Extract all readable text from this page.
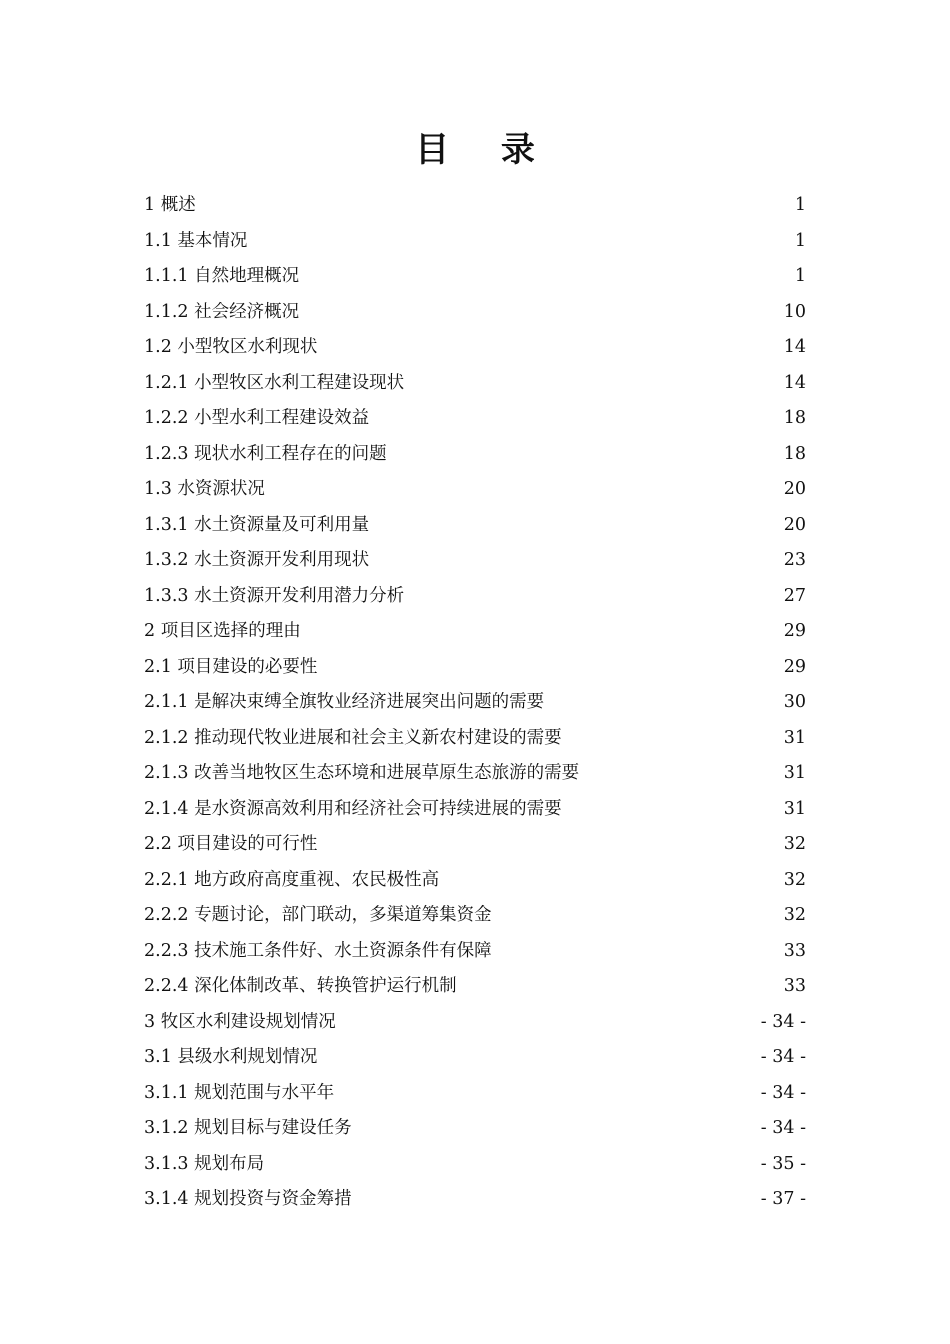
目 录
1 概述	1
1.1 基本情况	1
1.1.1 自然地理概况	1
1.1.2 社会经济概况	10
1.2 小型牧区水利现状	14
1.2.1 小型牧区水利工程建设现状	14
1.2.2 小型水利工程建设效益	18
1.2.3 现状水利工程存在的问题	18
1.3 水资源状况	20
1.3.1 水土资源量及可利用量	20
1.3.2 水土资源开发利用现状	23
1.3.3 水土资源开发利用潜力分析	27
2 项目区选择的理由	29
2.1 项目建设的必要性	29
2.1.1 是解决束缚全旗牧业经济进展突出问题的需要	30
2.1.2 推动现代牧业进展和社会主义新农村建设的需要	31
2.1.3 改善当地牧区生态环境和进展草原生态旅游的需要	31
2.1.4 是水资源高效利用和经济社会可持续进展的需要	31
2.2 项目建设的可行性	32
2.2.1 地方政府高度重视、农民极性高	32
2.2.2 专题讨论，部门联动，多渠道筹集资金	32
2.2.3 技术施工条件好、水土资源条件有保障	33
2.2.4 深化体制改革、转换管护运行机制	33
3 牧区水利建设规划情况	- 34 -
3.1 县级水利规划情况	- 34 -
3.1.1 规划范围与水平年	- 34 -
3.1.2 规划目标与建设任务	- 34 -
3.1.3 规划布局	- 35 -
3.1.4 规划投资与资金筹措	- 37 -
